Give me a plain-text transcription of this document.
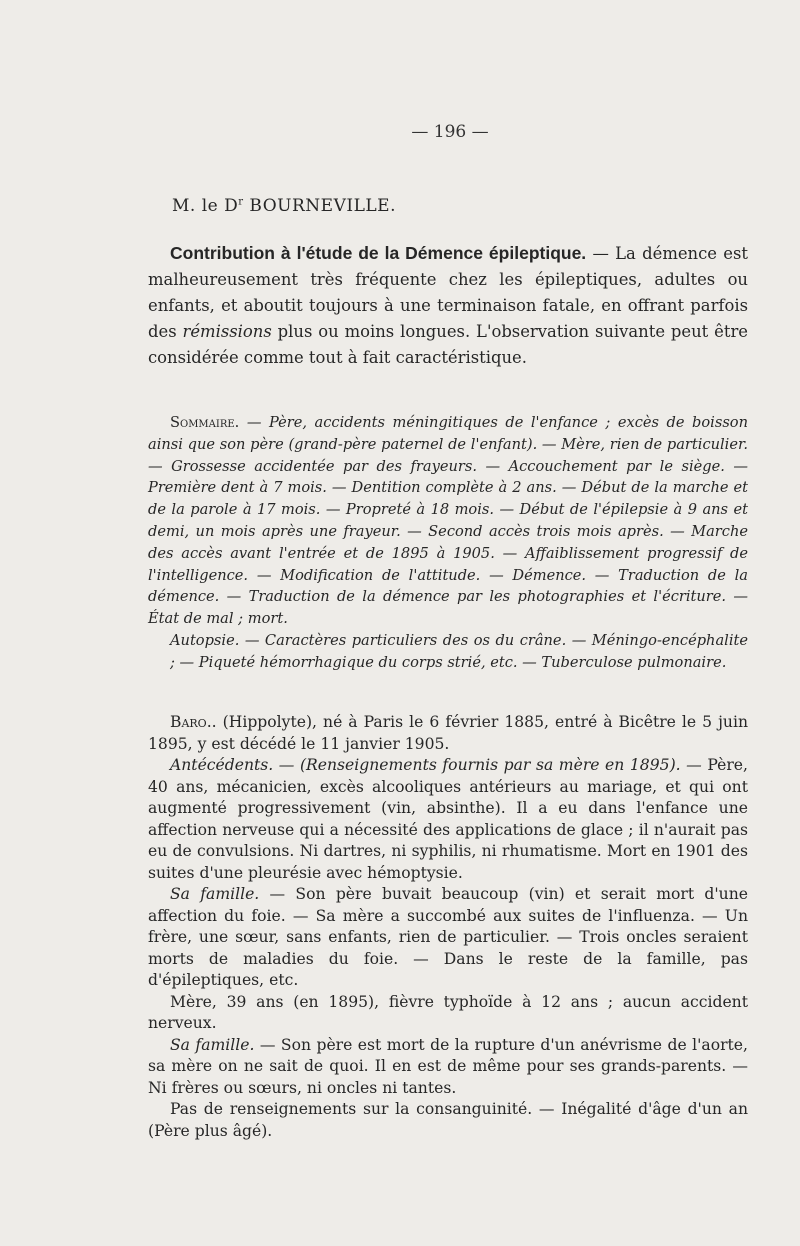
— 196 —
M. le $D^r$ BOURNEVILLE.
Contribution à l'étude de la Démence épileptique. — La démence est malheureusement très fréquente chez les épileptiques, adultes ou enfants, et aboutit toujours à une terminaison fatale, en offrant parfois des rémissions plus ou moins longues. L'observation suivante peut être considérée comme tout à fait caractéristique.
Sommaire. — Père, accidents méningitiques de l'enfance ; excès de boisson ainsi que son père (grand-père paternel de l'enfant). — Mère, rien de particulier. — Grossesse accidentée par des frayeurs. — Accouchement par le siège. — Première dent à 7 mois. — Dentition complète à 2 ans. — Début de la marche et de la parole à 17 mois. — Propreté à 18 mois. — Début de l'épilepsie à 9 ans et demi, un mois après une frayeur. — Second accès trois mois après. — Marche des accès avant l'entrée et de 1895 à 1905. — Affaiblissement progressif de l'intelligence. — Modification de l'attitude. — Démence. — Traduction de la démence. — Traduction de la démence par les photographies et l'écriture. — État de mal ; mort.
Autopsie. — Caractères particuliers des os du crâne. — Méningo-encéphalite ; — Piqueté hémorrhagique du corps strié, etc. — Tuberculose pulmonaire.

Baro.. (Hippolyte), né à Paris le 6 février 1885, entré à Bicêtre le 5 juin 1895, y est décédé le 11 janvier 1905.

Antécédents. — (Renseignements fournis par sa mère en 1895). — Père, 40 ans, mécanicien, excès alcooliques antérieurs au mariage, et qui ont augmenté progressivement (vin, absinthe). Il a eu dans l'enfance une affection nerveuse qui a nécessité des applications de glace ; il n'aurait pas eu de convulsions. Ni dartres, ni syphilis, ni rhumatisme. Mort en 1901 des suites d'une pleurésie avec hémoptysie.

Sa famille. — Son père buvait beaucoup (vin) et serait mort d'une affection du foie. — Sa mère a succombé aux suites de l'influenza. — Un frère, une sœur, sans enfants, rien de particulier. — Trois oncles seraient morts de maladies du foie. — Dans le reste de la famille, pas d'épileptiques, etc.

Mère, 39 ans (en 1895), fièvre typhoïde à 12 ans ; aucun accident nerveux.

Sa famille. — Son père est mort de la rupture d'un anévrisme de l'aorte, sa mère on ne sait de quoi. Il en est de même pour ses grands-parents. — Ni frères ou sœurs, ni oncles ni tantes.

Pas de renseignements sur la consanguinité. — Inégalité d'âge d'un an (Père plus âgé).
